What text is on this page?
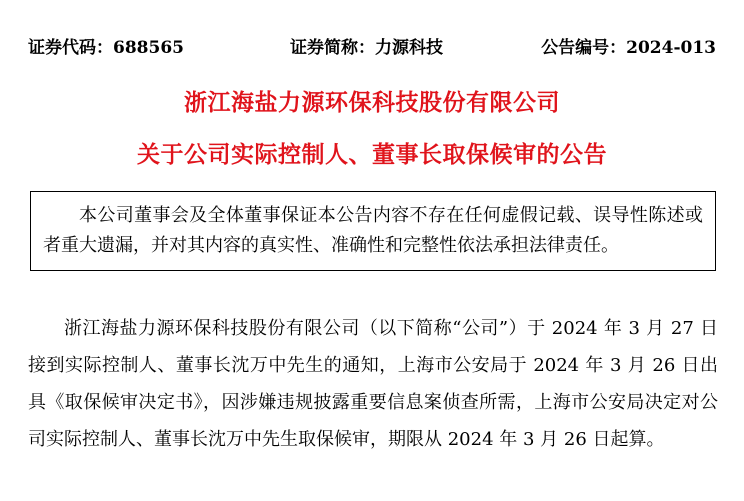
证券代码：688565	证券简称：力源科技	公告编号：2024-013
浙江海盐力源环保科技股份有限公司
关于公司实际控制人、董事长取保候审的公告
本公司董事会及全体董事保证本公告内容不存在任何虚假记载、误导性陈述或者重大遗漏，并对其内容的真实性、准确性和完整性依法承担法律责任。

浙江海盐力源环保科技股份有限公司（以下简称“公司”）于 2024 年 3 月 27 日接到实际控制人、董事长沈万中先生的通知，上海市公安局于 2024 年 3 月 26 日出具《取保候审决定书》，因涉嫌违规披露重要信息案侦查所需，上海市公安局决定对公司实际控制人、董事长沈万中先生取保候审，期限从 2024 年 3 月 26 日起算。
